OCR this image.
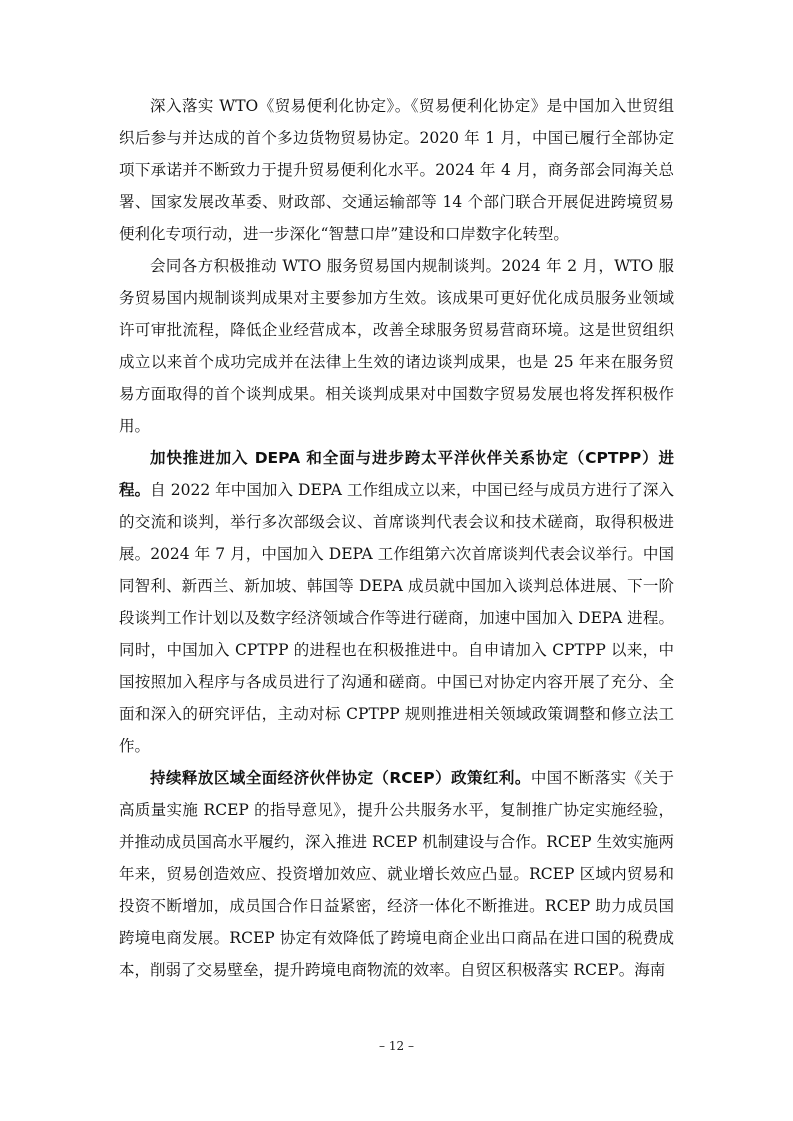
深入落实 WTO《贸易便利化协定》。《贸易便利化协定》是中国加入世贸组织后参与并达成的首个多边货物贸易协定。2020 年 1 月，中国已履行全部协定项下承诺并不断致力于提升贸易便利化水平。2024 年 4 月，商务部会同海关总署、国家发展改革委、财政部、交通运输部等 14 个部门联合开展促进跨境贸易便利化专项行动，进一步深化“智慧口岸”建设和口岸数字化转型。

会同各方积极推动 WTO 服务贸易国内规制谈判。2024 年 2 月，WTO 服务贸易国内规制谈判成果对主要参加方生效。该成果可更好优化成员服务业领域许可审批流程，降低企业经营成本，改善全球服务贸易营商环境。这是世贸组织成立以来首个成功完成并在法律上生效的诸边谈判成果，也是 25 年来在服务贸易方面取得的首个谈判成果。相关谈判成果对中国数字贸易发展也将发挥积极作用。

加快推进加入 DEPA 和全面与进步跨太平洋伙伴关系协定（CPTPP）进程。自 2022 年中国加入 DEPA 工作组成立以来，中国已经与成员方进行了深入的交流和谈判，举行多次部级会议、首席谈判代表会议和技术磋商，取得积极进展。2024 年 7 月，中国加入 DEPA 工作组第六次首席谈判代表会议举行。中国同智利、新西兰、新加坡、韩国等 DEPA 成员就中国加入谈判总体进展、下一阶段谈判工作计划以及数字经济领域合作等进行磋商，加速中国加入 DEPA 进程。同时，中国加入 CPTPP 的进程也在积极推进中。自申请加入 CPTPP 以来，中国按照加入程序与各成员进行了沟通和磋商。中国已对协定内容开展了充分、全面和深入的研究评估，主动对标 CPTPP 规则推进相关领域政策调整和修立法工作。

持续释放区域全面经济伙伴协定（RCEP）政策红利。中国不断落实《关于高质量实施 RCEP 的指导意见》，提升公共服务水平，复制推广协定实施经验，并推动成员国高水平履约，深入推进 RCEP 机制建设与合作。RCEP 生效实施两年来，贸易创造效应、投资增加效应、就业增长效应凸显。RCEP 区域内贸易和投资不断增加，成员国合作日益紧密，经济一体化不断推进。RCEP 助力成员国跨境电商发展。RCEP 协定有效降低了跨境电商企业出口商品在进口国的税费成本，削弱了交易壁垒，提升跨境电商物流的效率。自贸区积极落实 RCEP。海南

– 12 –
